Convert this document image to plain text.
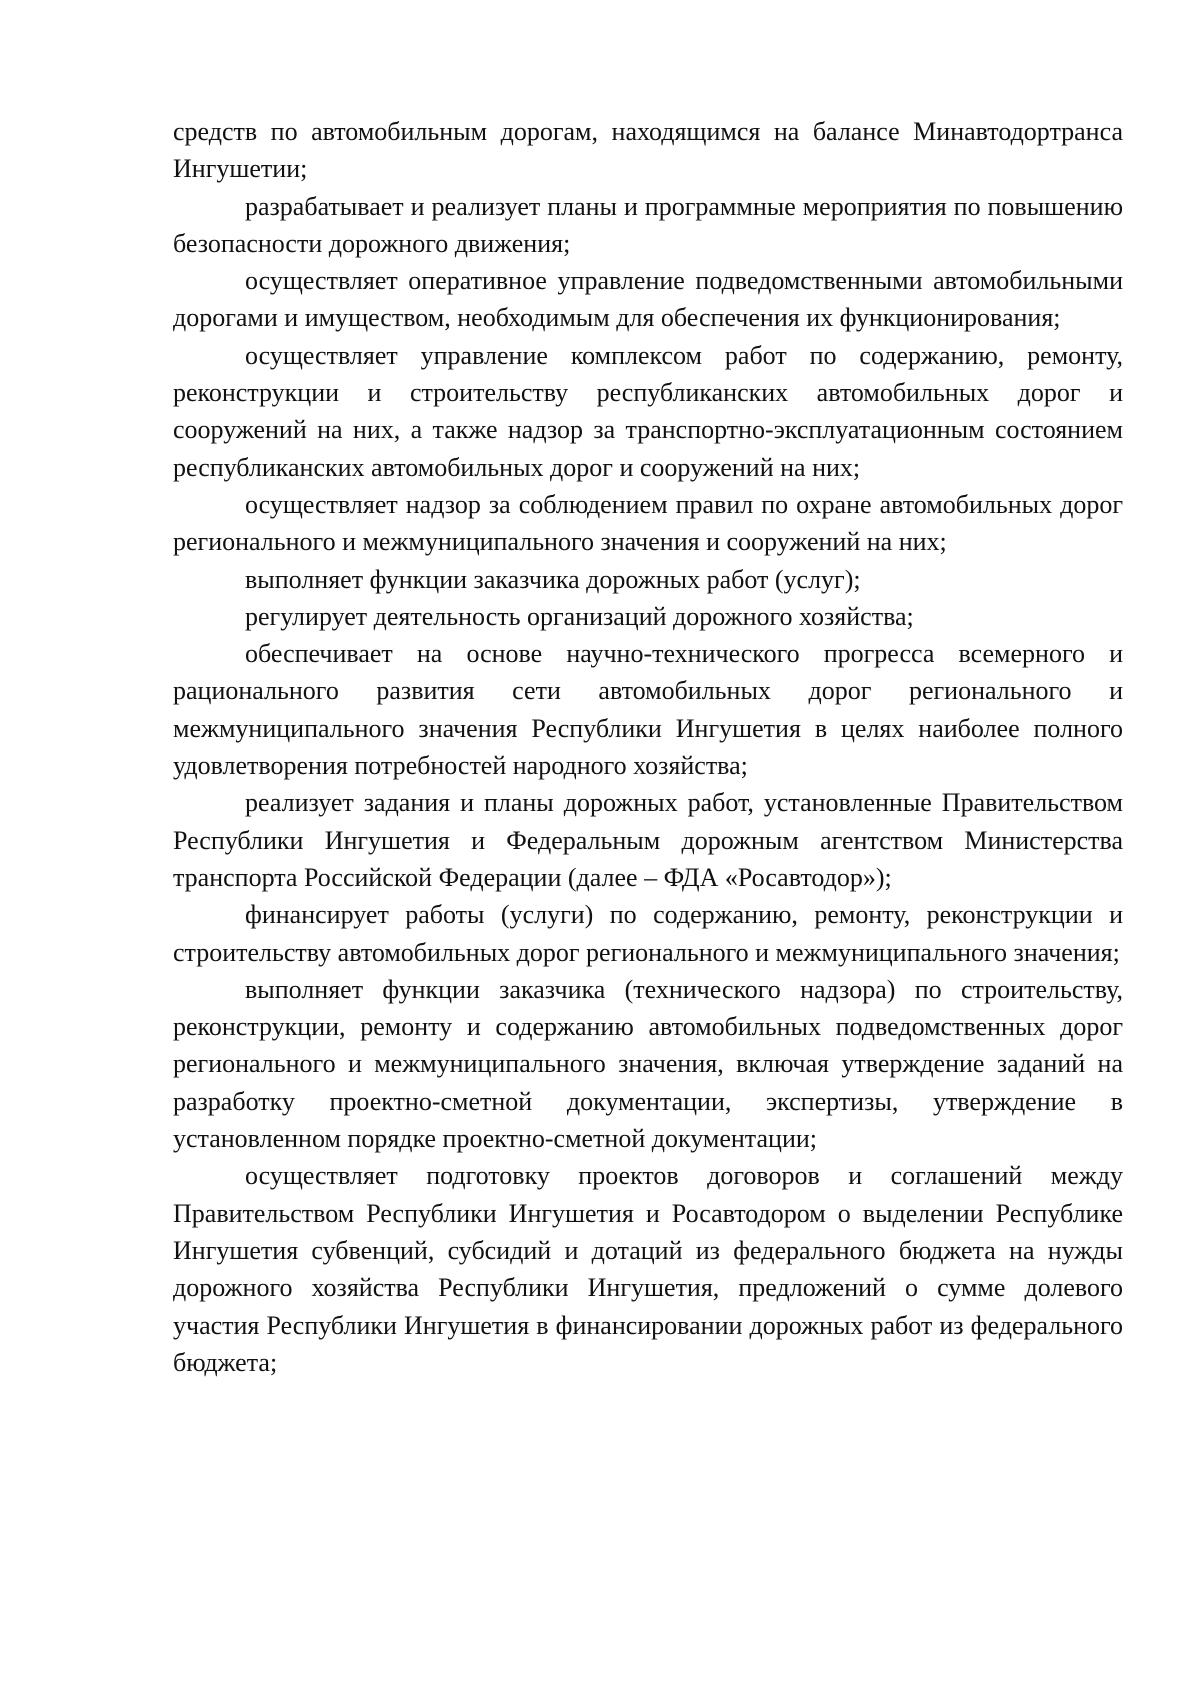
средств по автомобильным дорогам, находящимся на балансе Минавтодортранса Ингушетии;

разрабатывает и реализует планы и программные мероприятия по повышению безопасности дорожного движения;

осуществляет оперативное управление подведомственными автомобильными дорогами и имуществом, необходимым для обеспечения их функционирования;

осуществляет управление комплексом работ по содержанию, ремонту, реконструкции и строительству республиканских автомобильных дорог и сооружений на них, а также надзор за транспортно-эксплуатационным состоянием республиканских автомобильных дорог и сооружений на них;

осуществляет надзор за соблюдением правил по охране автомобильных дорог регионального и межмуниципального значения и сооружений на них;

выполняет функции заказчика дорожных работ (услуг);

регулирует деятельность организаций дорожного хозяйства;

обеспечивает на основе научно-технического прогресса всемерного и рационального развития сети автомобильных дорог регионального и межмуниципального значения Республики Ингушетия в целях наиболее полного удовлетворения потребностей народного хозяйства;

реализует задания и планы дорожных работ, установленные Правительством Республики Ингушетия и Федеральным дорожным агентством Министерства транспорта Российской Федерации (далее – ФДА «Росавтодор»);

финансирует работы (услуги) по содержанию, ремонту, реконструкции и строительству автомобильных дорог регионального и межмуниципального значения;

выполняет функции заказчика (технического надзора) по строительству, реконструкции, ремонту и содержанию автомобильных подведомственных дорог регионального и межмуниципального значения, включая утверждение заданий на разработку проектно-сметной документации, экспертизы, утверждение в установленном порядке проектно-сметной документации;

осуществляет подготовку проектов договоров и соглашений между Правительством Республики Ингушетия и Росавтодором о выделении Республике Ингушетия субвенций, субсидий и дотаций из федерального бюджета на нужды дорожного хозяйства Республики Ингушетия, предложений о сумме долевого участия Республики Ингушетия в финансировании дорожных работ из федерального бюджета;
